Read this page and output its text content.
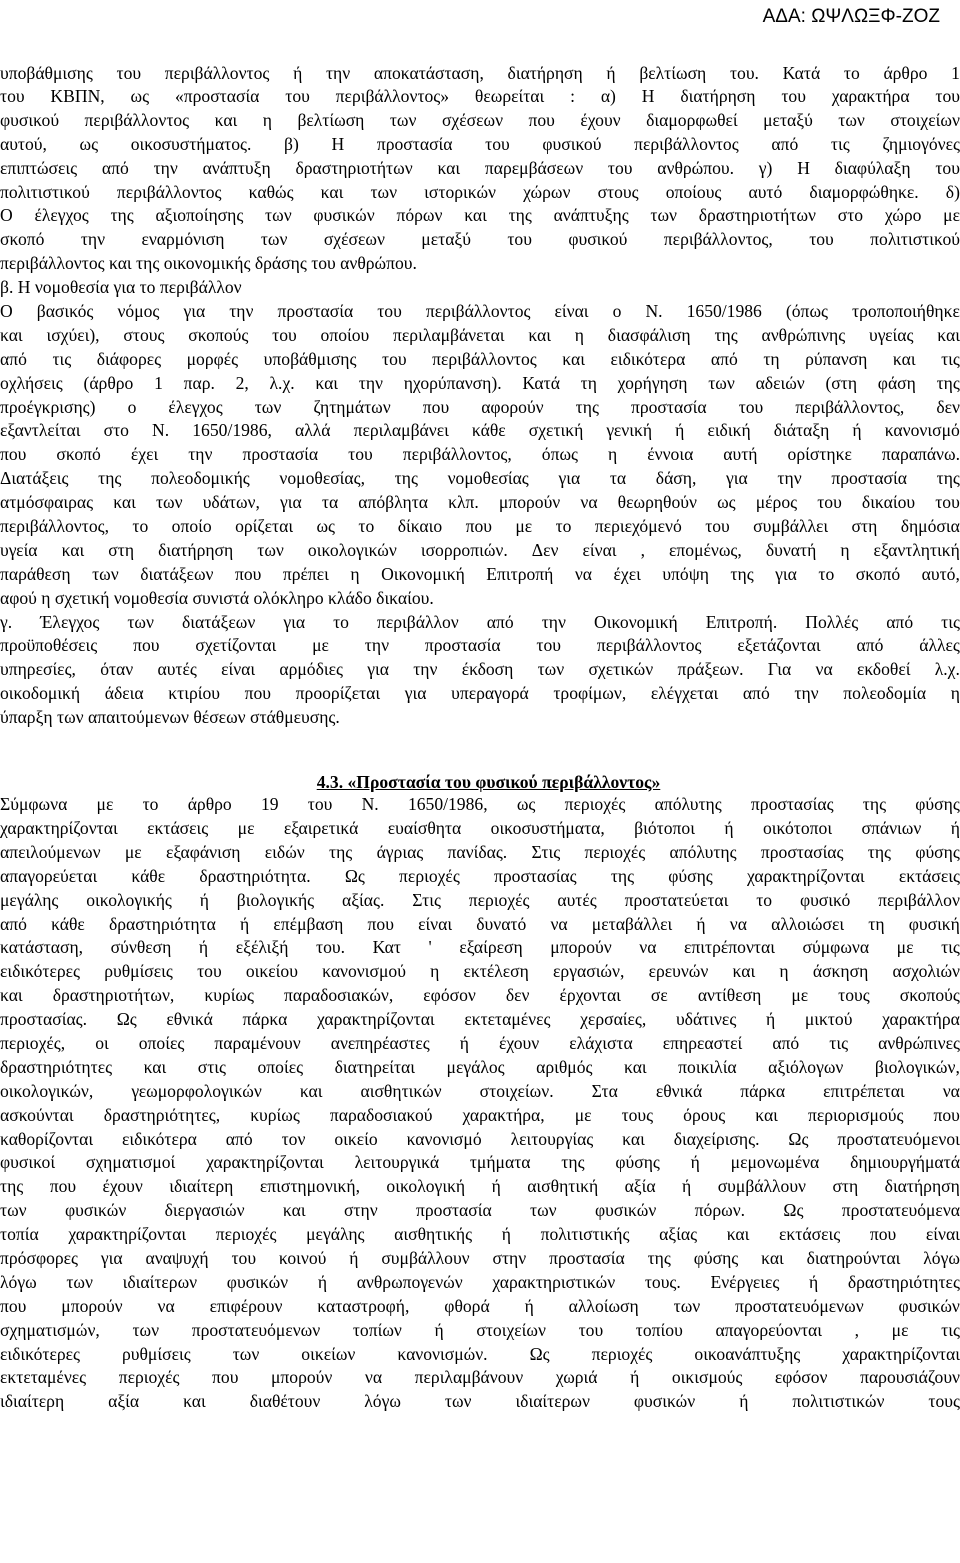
ΑΔΑ: ΩΨΛΩΞΦ-ΖΟΖ
υποβάθμισης του περιβάλλοντος ή την αποκατάσταση, διατήρηση ή βελτίωση του. Κατά το άρθρο 1
του ΚΒΠΝ, ως «προστασία του περιβάλλοντος» θεωρείται : α) Η διατήρηση του χαρακτήρα του
φυσικού περιβάλλοντος και η βελτίωση των σχέσεων που έχουν διαμορφωθεί μεταξύ των στοιχείων
αυτού, ως οικοσυστήματος. β) Η προστασία του φυσικού περιβάλλοντος από τις ζημιογόνες
επιπτώσεις από την ανάπτυξη δραστηριοτήτων και παρεμβάσεων του ανθρώπου. γ) Η διαφύλαξη του
πολιτιστικού περιβάλλοντος καθώς και των ιστορικών χώρων στους οποίους αυτό διαμορφώθηκε. δ)
Ο έλεγχος της αξιοποίησης των φυσικών πόρων και της ανάπτυξης των δραστηριοτήτων στο χώρο με
σκοπό την εναρμόνιση των σχέσεων μεταξύ του φυσικού περιβάλλοντος, του πολιτιστικού
περιβάλλοντος και της οικονομικής δράσης του ανθρώπου.
β. Η νομοθεσία για το περιβάλλον
Ο βασικός νόμος για την προστασία του περιβάλλοντος είναι ο Ν. 1650/1986 (όπως τροποποιήθηκε
και ισχύει), στους σκοπούς του οποίου περιλαμβάνεται και η διασφάλιση της ανθρώπινης υγείας και
από τις διάφορες μορφές υποβάθμισης του περιβάλλοντος και ειδικότερα από τη ρύπανση και τις
οχλήσεις (άρθρο 1 παρ. 2, λ.χ. και την ηχορύπανση). Κατά τη χορήγηση των αδειών (στη φάση της
προέγκρισης) ο έλεγχος των ζητημάτων που αφορούν της προστασία του περιβάλλοντος, δεν
εξαντλείται στο Ν. 1650/1986, αλλά περιλαμβάνει κάθε σχετική γενική ή ειδική διάταξη ή κανονισμό
που σκοπό έχει την προστασία του περιβάλλοντος, όπως η έννοια αυτή ορίστηκε παραπάνω.
Διατάξεις της πολεοδομικής νομοθεσίας, της νομοθεσίας για τα δάση, για την προστασία της
ατμόσφαιρας και των υδάτων, για τα απόβλητα κλπ. μπορούν να θεωρηθούν ως μέρος του δικαίου του
περιβάλλοντος, το οποίο ορίζεται ως το δίκαιο που με το περιεχόμενό του συμβάλλει στη δημόσια
υγεία και στη διατήρηση των οικολογικών ισορροπιών. Δεν είναι , επομένως, δυνατή η εξαντλητική
παράθεση των διατάξεων που πρέπει η Οικονομική Επιτροπή να έχει υπόψη της για το σκοπό αυτό,
αφού η σχετική νομοθεσία συνιστά ολόκληρο κλάδο δικαίου.
γ. Έλεγχος των διατάξεων για το περιβάλλον από την Οικονομική Επιτροπή. Πολλές από τις
προϋποθέσεις που σχετίζονται με την προστασία του περιβάλλοντος εξετάζονται από άλλες
υπηρεσίες, όταν αυτές είναι αρμόδιες για την έκδοση των σχετικών πράξεων. Για να εκδοθεί λ.χ.
οικοδομική άδεια κτιρίου που προορίζεται για υπεραγορά τροφίμων, ελέγχεται από την πολεοδομία η
ύπαρξη των απαιτούμενων θέσεων στάθμευσης.
4.3. «Προστασία του φυσικού περιβάλλοντος»
Σύμφωνα με το άρθρο 19 του Ν. 1650/1986, ως περιοχές απόλυτης προστασίας της φύσης
χαρακτηρίζονται εκτάσεις με εξαιρετικά ευαίσθητα οικοσυστήματα, βιότοποι ή οικότοποι σπάνιων ή
απειλούμενων με εξαφάνιση ειδών της άγριας πανίδας. Στις περιοχές απόλυτης προστασίας της φύσης
απαγορεύεται κάθε δραστηριότητα. Ως περιοχές προστασίας της φύσης χαρακτηρίζονται εκτάσεις
μεγάλης οικολογικής ή βιολογικής αξίας. Στις περιοχές αυτές προστατεύεται το φυσικό περιβάλλον
από κάθε δραστηριότητα ή επέμβαση που είναι δυνατό να μεταβάλλει ή να αλλοιώσει τη φυσική
κατάσταση, σύνθεση ή εξέλιξή του. Κατ ' εξαίρεση μπορούν να επιτρέπονται σύμφωνα με τις
ειδικότερες ρυθμίσεις του οικείου κανονισμού η εκτέλεση εργασιών, ερευνών και η άσκηση ασχολιών
και δραστηριοτήτων, κυρίως παραδοσιακών, εφόσον δεν έρχονται σε αντίθεση με τους σκοπούς
προστασίας. Ως εθνικά πάρκα χαρακτηρίζονται εκτεταμένες χερσαίες, υδάτινες ή μικτού χαρακτήρα
περιοχές, οι οποίες παραμένουν ανεπηρέαστες ή έχουν ελάχιστα επηρεαστεί από τις ανθρώπινες
δραστηριότητες και στις οποίες διατηρείται μεγάλος αριθμός και ποικιλία αξιόλογων βιολογικών,
οικολογικών, γεωμορφολογικών και αισθητικών στοιχείων. Στα εθνικά πάρκα επιτρέπεται να
ασκούνται δραστηριότητες, κυρίως παραδοσιακού χαρακτήρα, με τους όρους και περιορισμούς που
καθορίζονται ειδικότερα από τον οικείο κανονισμό λειτουργίας και διαχείρισης. Ως προστατευόμενοι
φυσικοί σχηματισμοί χαρακτηρίζονται λειτουργικά τμήματα της φύσης ή μεμονωμένα δημιουργήματά
της που έχουν ιδιαίτερη επιστημονική, οικολογική ή αισθητική αξία ή συμβάλλουν στη διατήρηση
των φυσικών διεργασιών και στην προστασία των φυσικών πόρων. Ως προστατευόμενα
τοπία χαρακτηρίζονται περιοχές μεγάλης αισθητικής ή πολιτιστικής αξίας και εκτάσεις που είναι
πρόσφορες για αναψυχή του κοινού ή συμβάλλουν στην προστασία της φύσης και διατηρούνται λόγω
λόγω των ιδιαίτερων φυσικών ή ανθρωπογενών χαρακτηριστικών τους. Ενέργειες ή δραστηριότητες
που μπορούν να επιφέρουν καταστροφή, φθορά ή αλλοίωση των προστατευόμενων φυσικών
σχηματισμών, των προστατευόμενων τοπίων ή στοιχείων του τοπίου απαγορεύονται , με τις
ειδικότερες ρυθμίσεις των οικείων κανονισμών. Ως περιοχές οικοανάπτυξης χαρακτηρίζονται
εκτεταμένες περιοχές που μπορούν να περιλαμβάνουν χωριά ή οικισμούς εφόσον παρουσιάζουν
ιδιαίτερη αξία και διαθέτουν λόγω των ιδιαίτερων φυσικών ή πολιτιστικών τους
